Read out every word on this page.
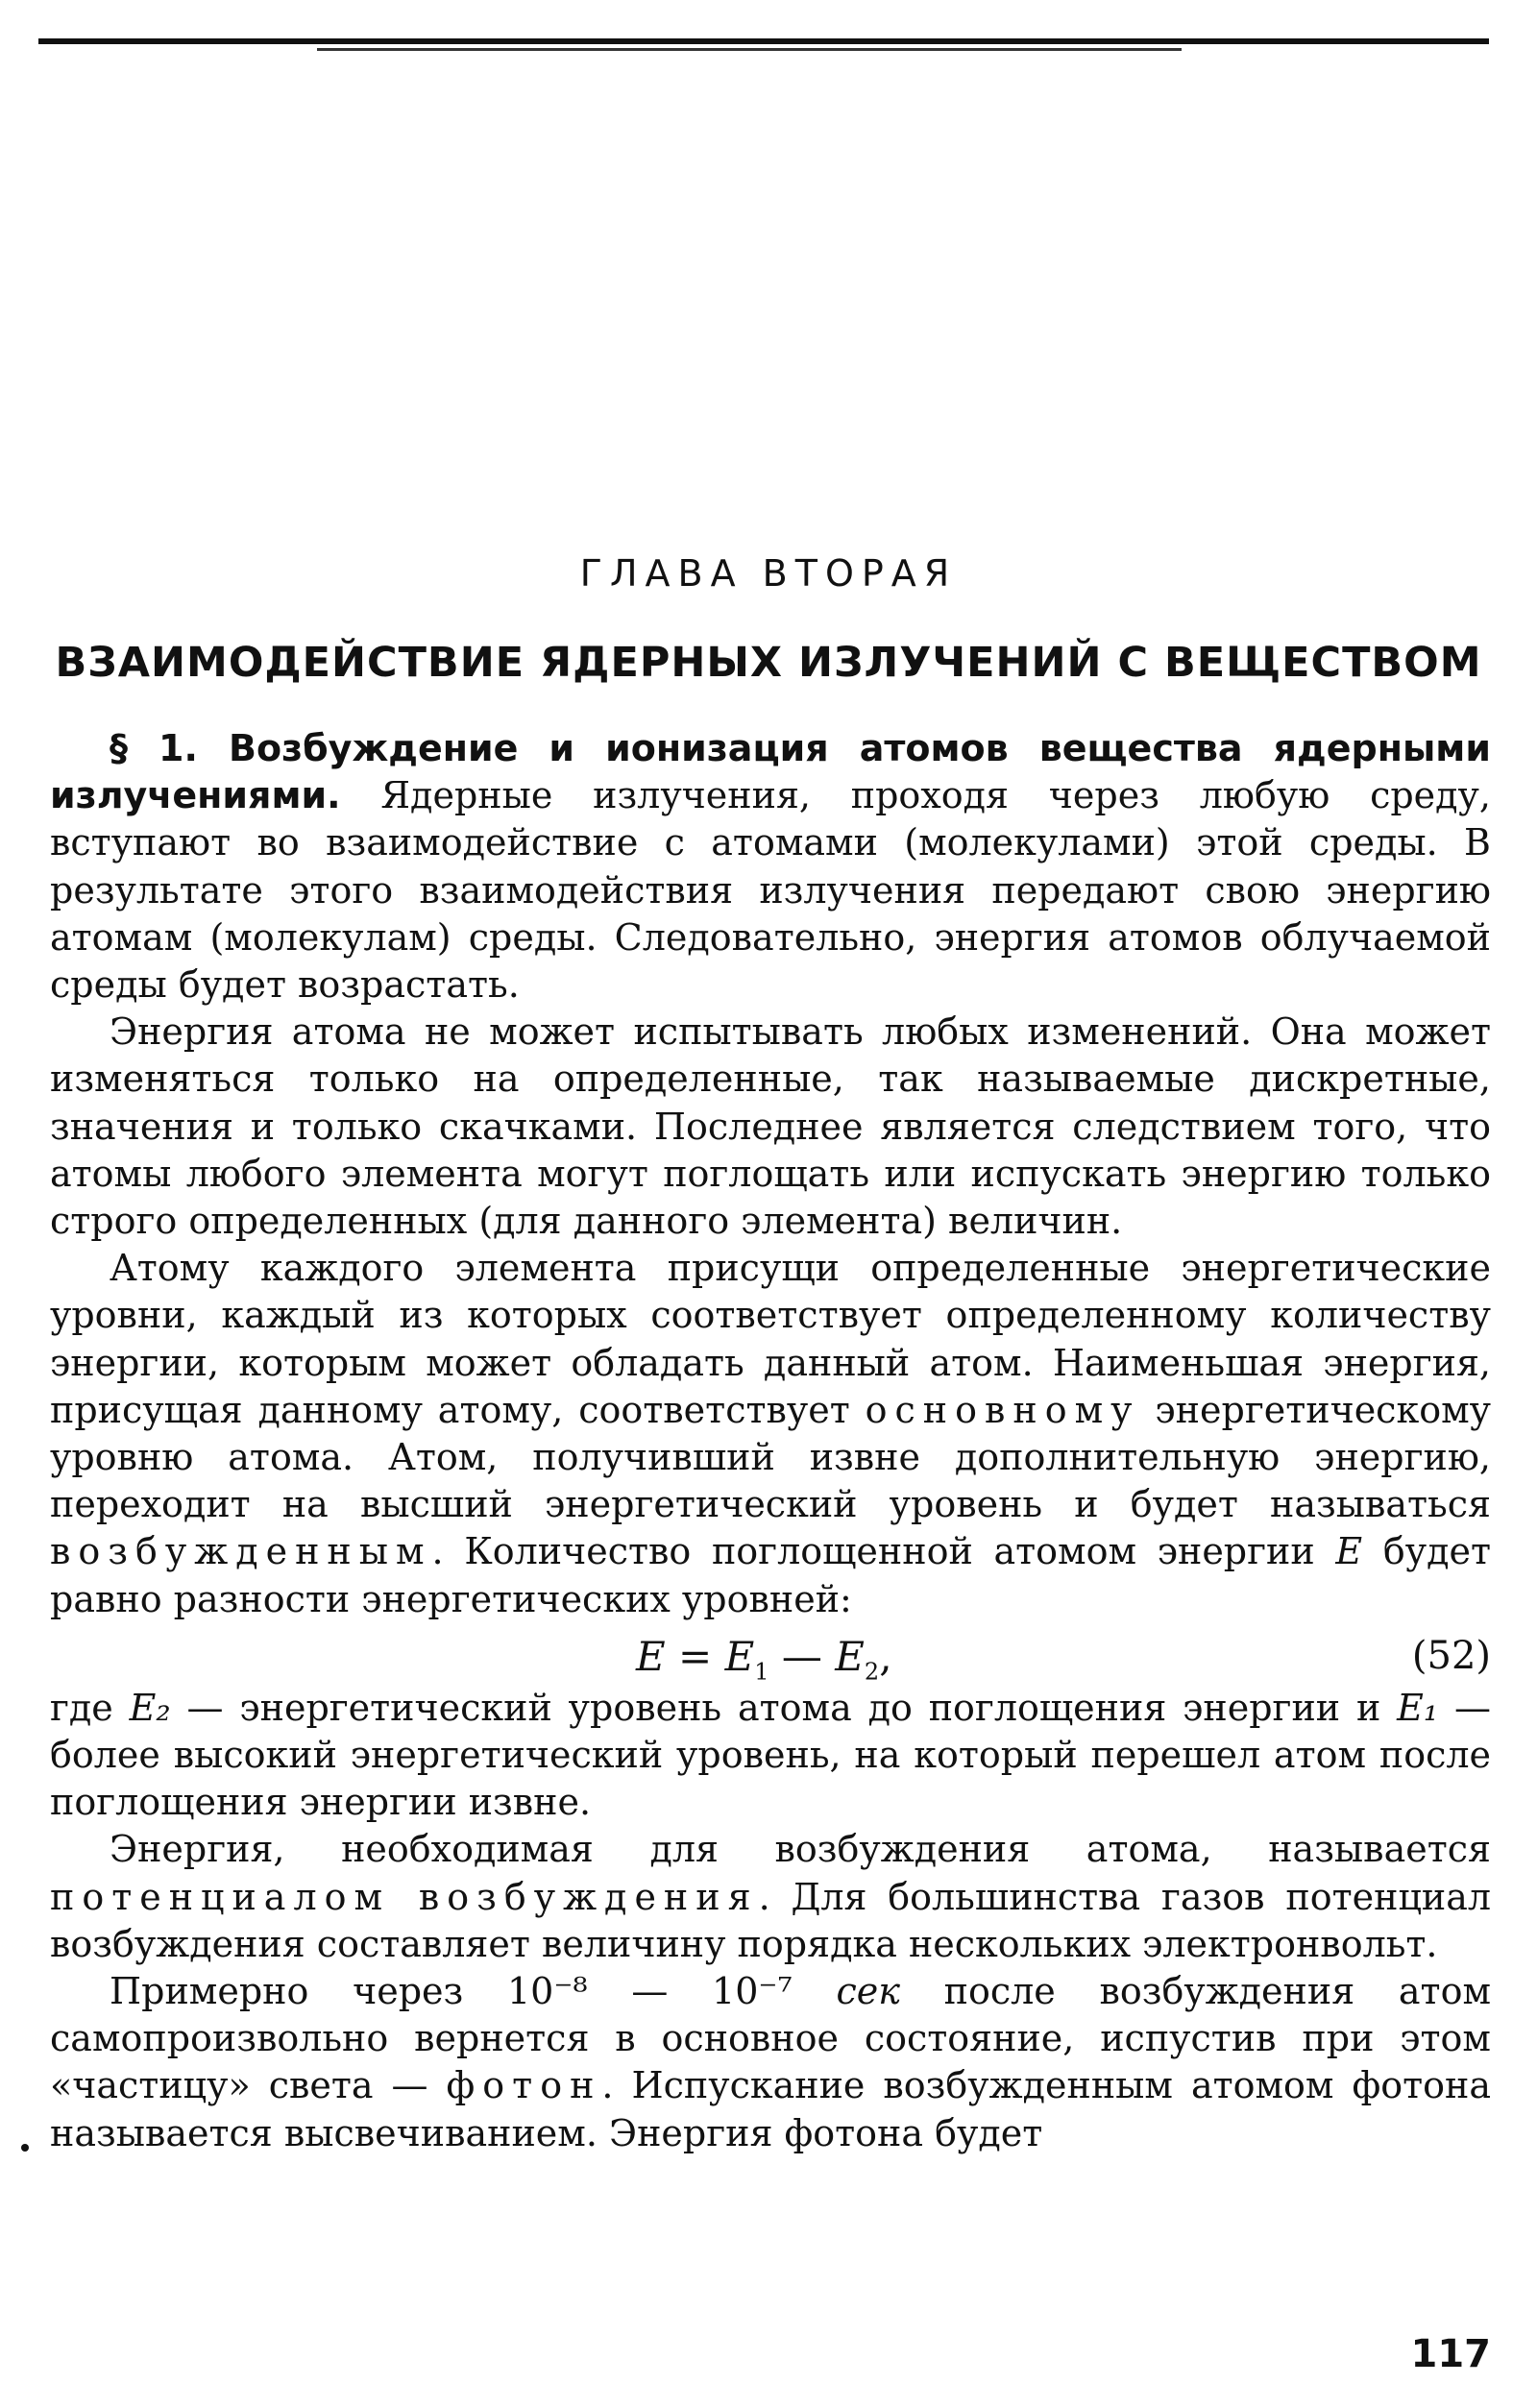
ГЛАВА ВТОРАЯ
ВЗАИМОДЕЙСТВИЕ ЯДЕРНЫХ ИЗЛУЧЕНИЙ С ВЕЩЕСТВОМ

§ 1. Возбуждение и ионизация атомов вещества ядерными излучениями. Ядерные излучения, проходя через любую среду, вступают во взаимодействие с атомами (молекулами) этой среды. В результате этого взаимодействия излучения передают свою энергию атомам (молекулам) среды. Следовательно, энергия атомов облучаемой среды будет возрастать.

Энергия атома не может испытывать любых изменений. Она может изменяться только на определенные, так называемые дискретные, значения и только скачками. Последнее является следствием того, что атомы любого элемента могут поглощать или испускать энергию только строго определенных (для данного элемента) величин.

Атому каждого элемента присущи определенные энергетические уровни, каждый из которых соответствует определенному количеству энергии, которым может обладать данный атом. Наименьшая энергия, присущая данному атому, соответствует основному энергетическому уровню атома. Атом, получивший извне дополнительную энергию, переходит на высший энергетический уровень и будет называться возбужденным. Количество поглощенной атомом энергии E будет равно разности энергетических уровней:

$E = E_1$ — $E_2$,	(52)

где E₂ — энергетический уровень атома до поглощения энергии и E₁ — более высокий энергетический уровень, на который перешел атом после поглощения энергии извне.

Энергия, необходимая для возбуждения атома, называется потенциалом возбуждения. Для большинства газов потенциал возбуждения составляет величину порядка нескольких электронвольт.

Примерно через 10⁻⁸ — 10⁻⁷ сек после возбуждения атом самопроизвольно вернется в основное состояние, испустив при этом «частицу» света — фотон. Испускание возбужденным атомом фотона называется высвечиванием. Энергия фотона будет

117
